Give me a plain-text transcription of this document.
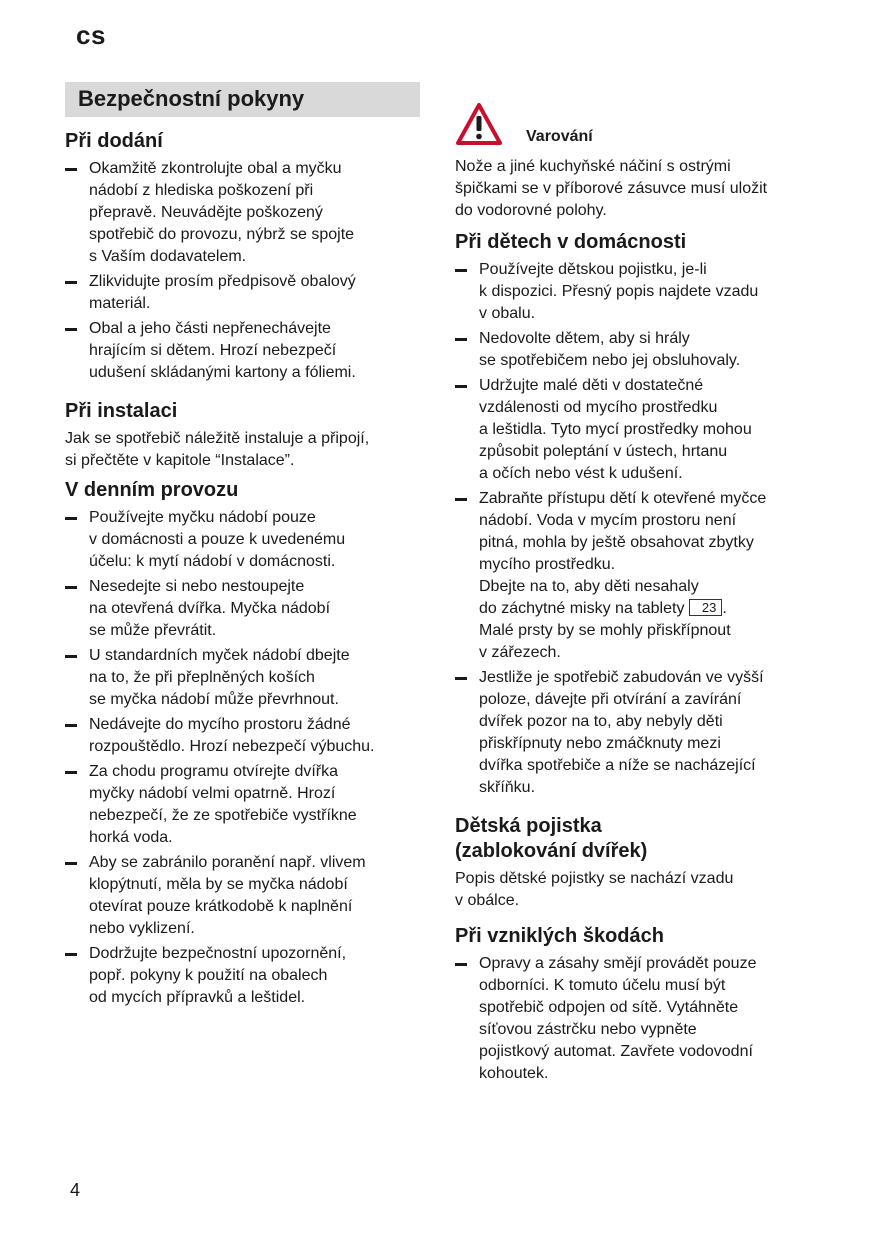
cs
Bezpečnostní pokyny
Při dodání
Okamžitě zkontrolujte obal a myčku
nádobí z hlediska poškození při
přepravě. Neuvádějte poškozený
spotřebič do provozu, nýbrž se spojte
s Vaším dodavatelem.
Zlikvidujte prosím předpisově obalový
materiál.
Obal a jeho části nepřenechávejte
hrajícím si dětem. Hrozí nebezpečí
udušení skládanými kartony a fóliemi.
Při instalaci

Jak se spotřebič náležitě instaluje a připojí,
si přečtěte v kapitole “Instalace”.

V denním provozu
Používejte myčku nádobí pouze
v domácnosti a pouze k uvedenému
účelu: k mytí nádobí v domácnosti.
Nesedejte si nebo nestoupejte
na otevřená dvířka. Myčka nádobí
se může převrátit.
U standardních myček nádobí dbejte
na to, že při přeplněných koších
se myčka nádobí může převrhnout.
Nedávejte do mycího prostoru žádné
rozpouštědlo. Hrozí nebezpečí výbuchu.
Za chodu programu otvírejte dvířka
myčky nádobí velmi opatrně. Hrozí
nebezpečí, že ze spotřebiče vystříkne
horká voda.
Aby se zabránilo poranění např. vlivem
klopýtnutí, měla by se myčka nádobí
otevírat pouze krátkodobě k naplnění
nebo vyklizení.
Dodržujte bezpečnostní upozornění,
popř. pokyny k použití na obalech
od mycích přípravků a leštidel.
Varování

Nože a jiné kuchyňské náčiní s ostrými
špičkami se v příborové zásuvce musí uložit
do vodorovné polohy.

Při dětech v domácnosti
Používejte dětskou pojistku, je-li
k dispozici. Přesný popis najdete vzadu
v obalu.
Nedovolte dětem, aby si hrály
se spotřebičem nebo jej obsluhovaly.
Udržujte malé děti v dostatečné
vzdálenosti od mycího prostředku
a leštidla. Tyto mycí prostředky mohou
způsobit poleptání v ústech, hrtanu
a očích nebo vést k udušení.
Zabraňte přístupu dětí k otevřené myčce
nádobí. Voda v mycím prostoru není
pitná, mohla by ještě obsahovat zbytky
mycího prostředku.
Dbejte na to, aby děti nesahaly
do záchytné misky na tablety 23 .
Malé prsty by se mohly přiskřípnout
v zářezech.
Jestliže je spotřebič zabudován ve vyšší
poloze, dávejte při otvírání a zavírání
dvířek pozor na to, aby nebyly děti
přiskřípnuty nebo zmáčknuty mezi
dvířka spotřebiče a níže se nacházející
skříňku.
Dětská pojistka
(zablokování dvířek)

Popis dětské pojistky se nachází vzadu
v obálce.

Při vzniklých škodách
Opravy a zásahy smějí provádět pouze
odborníci. K tomuto účelu musí být
spotřebič odpojen od sítě. Vytáhněte
síťovou zástrčku nebo vypněte
pojistkový automat. Zavřete vodovodní
kohoutek.
4
